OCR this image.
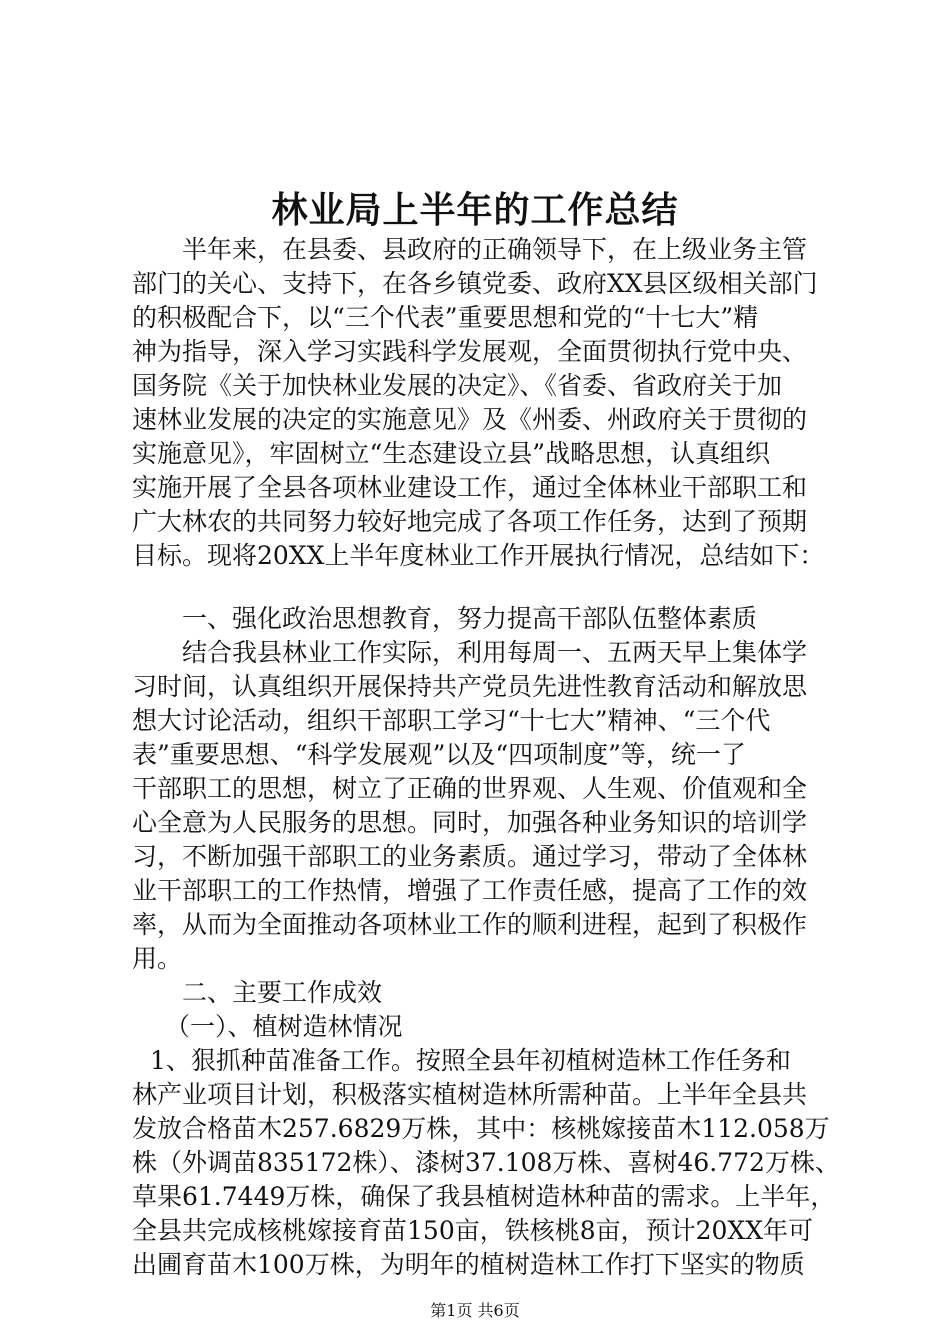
林业局上半年的工作总结
半年来，在县委、县政府的正确领导下，在上级业务主管
部门的关心、支持下，在各乡镇党委、政府XX县区级相关部门
的积极配合下，以“三个代表”重要思想和党的“十七大”精
神为指导，深入学习实践科学发展观，全面贯彻执行党中央、
国务院《关于加快林业发展的决定》、《省委、省政府关于加
速林业发展的决定的实施意见》及《州委、州政府关于贯彻的
实施意见》，牢固树立“生态建设立县”战略思想，认真组织
实施开展了全县各项林业建设工作，通过全体林业干部职工和
广大林农的共同努力较好地完成了各项工作任务，达到了预期
目标。现将20XX上半年度林业工作开展执行情况，总结如下：
一、强化政治思想教育，努力提高干部队伍整体素质
结合我县林业工作实际，利用每周一、五两天早上集体学
习时间，认真组织开展保持共产党员先进性教育活动和解放思
想大讨论活动，组织干部职工学习“十七大”精神、“三个代
表”重要思想、“科学发展观”以及“四项制度”等，统一了
干部职工的思想，树立了正确的世界观、人生观、价值观和全
心全意为人民服务的思想。同时，加强各种业务知识的培训学
习，不断加强干部职工的业务素质。通过学习，带动了全体林
业干部职工的工作热情，增强了工作责任感，提高了工作的效
率，从而为全面推动各项林业工作的顺利进程，起到了积极作
用。
二、主要工作成效
（一）、植树造林情况
1、狠抓种苗准备工作。按照全县年初植树造林工作任务和
林产业项目计划，积极落实植树造林所需种苗。上半年全县共
发放合格苗木257.6829万株，其中：核桃嫁接苗木112.058万
株（外调苗835172株）、漆树37.108万株、喜树46.772万株、
草果61.7449万株，确保了我县植树造林种苗的需求。上半年，
全县共完成核桃嫁接育苗150亩，铁核桃8亩，预计20XX年可
出圃育苗木100万株，为明年的植树造林工作打下坚实的物质
第1页 共6页
